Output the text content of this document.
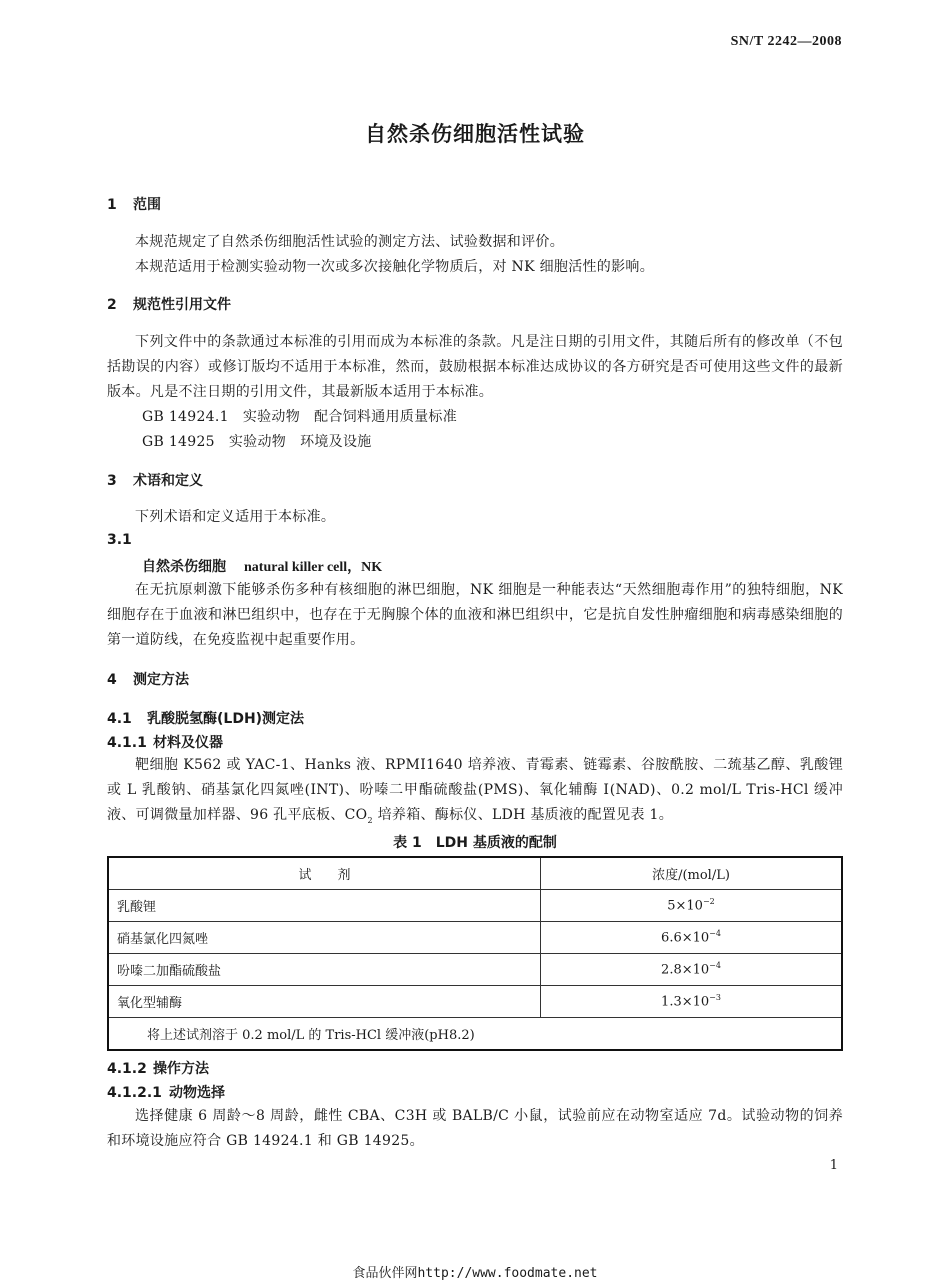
SN/T 2242—2008
自然杀伤细胞活性试验

1 范围

本规范规定了自然杀伤细胞活性试验的测定方法、试验数据和评价。

本规范适用于检测实验动物一次或多次接触化学物质后，对 NK 细胞活性的影响。

2 规范性引用文件

下列文件中的条款通过本标准的引用而成为本标准的条款。凡是注日期的引用文件，其随后所有的修改单（不包括勘误的内容）或修订版均不适用于本标准，然而，鼓励根据本标准达成协议的各方研究是否可使用这些文件的最新版本。凡是不注日期的引用文件，其最新版本适用于本标准。

GB 14924.1 实验动物 配合饲料通用质量标准

GB 14925 实验动物 环境及设施

3 术语和定义

下列术语和定义适用于本标准。

3.1

自然杀伤细胞 natural killer cell，NK

在无抗原刺激下能够杀伤多种有核细胞的淋巴细胞，NK 细胞是一种能表达“天然细胞毒作用”的独特细胞，NK 细胞存在于血液和淋巴组织中，也存在于无胸腺个体的血液和淋巴组织中，它是抗自发性肿瘤细胞和病毒感染细胞的第一道防线，在免疫监视中起重要作用。

4 测定方法

4.1 乳酸脱氢酶(LDH)测定法

4.1.1 材料及仪器

靶细胞 K562 或 YAC-1、Hanks 液、RPMI1640 培养液、青霉素、链霉素、谷胺酰胺、二巯基乙醇、乳酸锂或 L 乳酸钠、硝基氯化四氮唑(INT)、吩嗪二甲酯硫酸盐(PMS)、氧化辅酶 Ⅰ(NAD)、0.2 mol/L Tris-HCl 缓冲液、可调微量加样器、96 孔平底板、$CO_2$ 培养箱、酶标仪、LDH 基质液的配置见表 1。

表 1　LDH 基质液的配制

试　　剂	浓度/(mol/L)
乳酸锂	$5\times 10^{-2}$
硝基氯化四氮唑	$6.6\times 10^{-4}$
吩嗪二加酯硫酸盐	$2.8\times 10^{-4}$
氧化型辅酶	$1.3\times 10^{-3}$
将上述试剂溶于 0.2 mol/L 的 Tris-HCl 缓冲液(pH8.2)	

4.1.2 操作方法

4.1.2.1 动物选择

选择健康 6 周龄～8 周龄，雌性 CBA、C3H 或 BALB/C 小鼠，试验前应在动物室适应 7d。试验动物的饲养和环境设施应符合 GB 14924.1 和 GB 14925。

1
食品伙伴网http://www.foodmate.net
